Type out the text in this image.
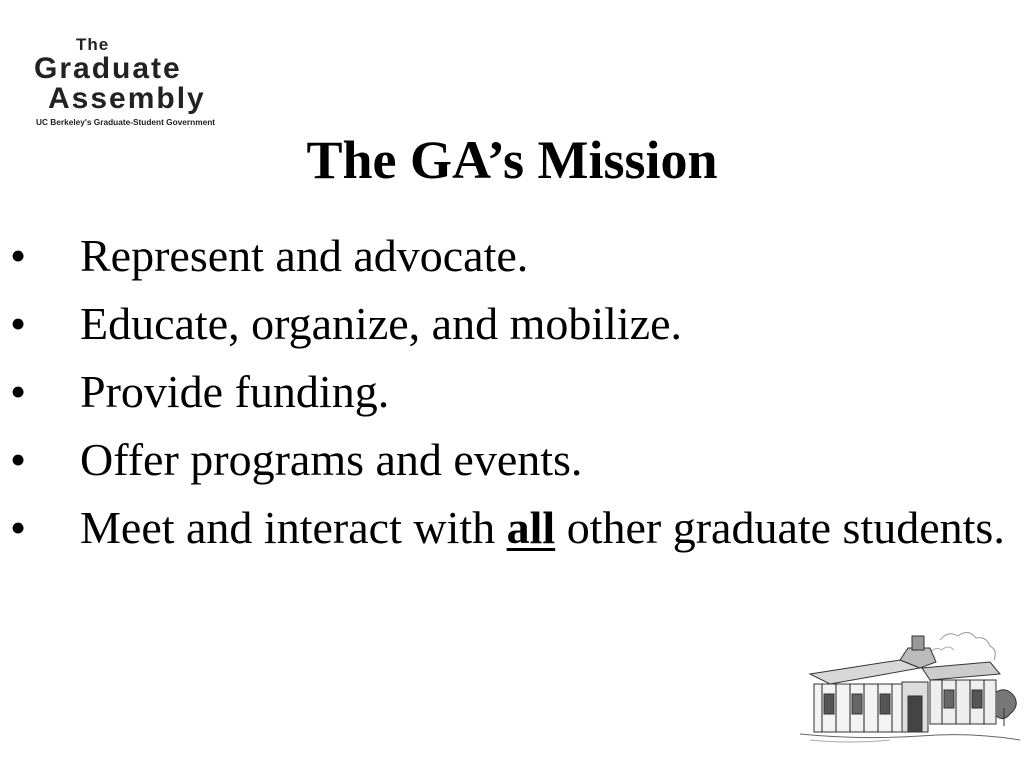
The
Graduate
Assembly
UC Berkeley's Graduate-Student Government
The GA’s Mission
•	Represent and advocate.
•	Educate, organize, and mobilize.
•	Provide funding.
•	Offer programs and events.
•	Meet and interact with all other graduate students.
